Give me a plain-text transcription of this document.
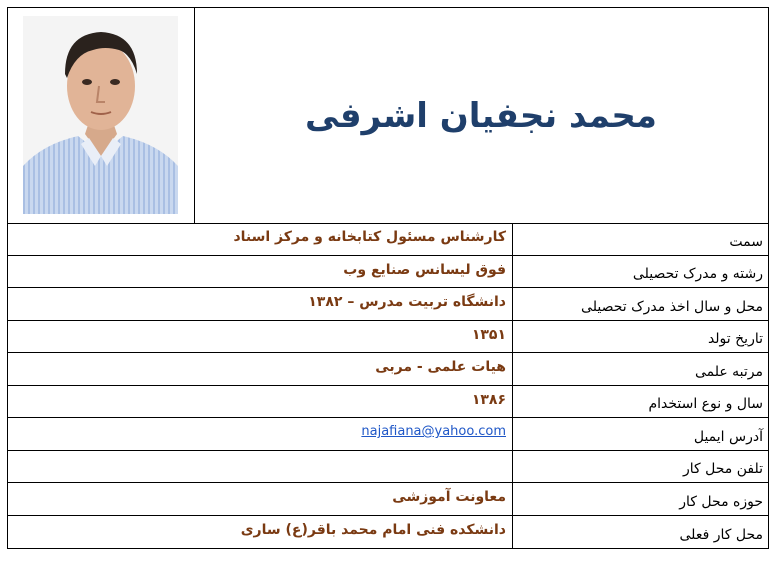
محمد نجفیان اشرفی
سمت
کارشناس مسئول کتابخانه و مرکز اسناد
رشته و مدرک تحصیلی
فوق لیسانس صنایع وب
محل و سال اخذ مدرک تحصیلی
دانشگاه تربیت مدرس – ۱۳۸۲
تاریخ تولد
۱۳۵۱
مرتبه علمی
هیات علمی - مربی
سال و نوع استخدام
۱۳۸۶
آدرس ایمیل
najafiana@yahoo.com
تلفن محل کار
حوزه محل کار
معاونت آموزشی
محل کار فعلی
دانشکده فنی امام محمد باقر(ع) ساری
